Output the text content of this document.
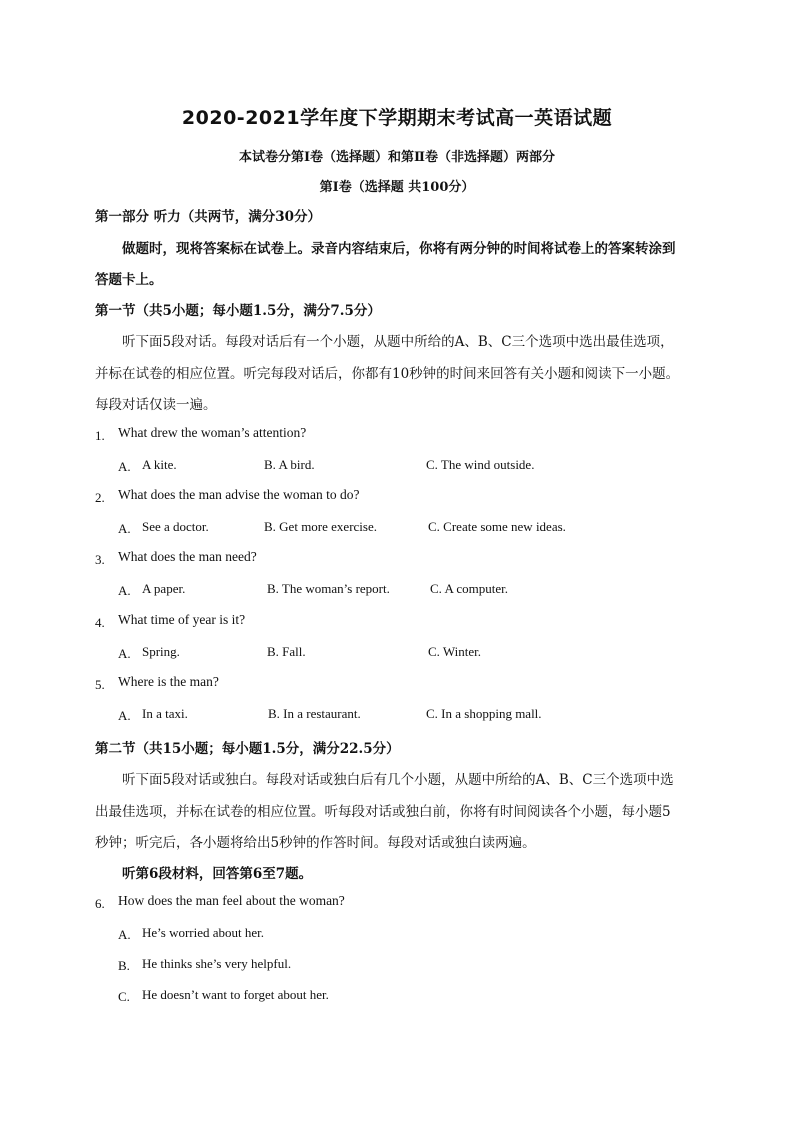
2020-2021学年度下学期期末考试高一英语试题
本试卷分第Ⅰ卷（选择题）和第Ⅱ卷（非选择题）两部分
第Ⅰ卷（选择题 共100分）
第一部分 听力（共两节，满分30分）
做题时，现将答案标在试卷上。录音内容结束后，你将有两分钟的时间将试卷上的答案转涂到
答题卡上。
第一节（共5小题；每小题1.5分，满分7.5分）
听下面5段对话。每段对话后有一个小题，从题中所给的A、B、C三个选项中选出最佳选项，
并标在试卷的相应位置。听完每段对话后，你都有10秒钟的时间来回答有关小题和阅读下一小题。
每段对话仅读一遍。
1. What drew the woman’s attention?
A. A kite.	B. A bird.	C. The wind outside.
2. What does the man advise the woman to do?
A. See a doctor.	B. Get more exercise.	C. Create some new ideas.
3. What does the man need?
A. A paper.	B. The woman’s report.	C. A computer.
4. What time of year is it?
A. Spring.	B. Fall.	C. Winter.
5. Where is the man?
A. In a taxi.	B. In a restaurant.	C. In a shopping mall.
第二节（共15小题；每小题1.5分，满分22.5分）
听下面5段对话或独白。每段对话或独白后有几个小题，从题中所给的A、B、C三个选项中选
出最佳选项，并标在试卷的相应位置。听每段对话或独白前，你将有时间阅读各个小题，每小题5
秒钟；听完后，各小题将给出5秒钟的作答时间。每段对话或独白读两遍。
听第6段材料，回答第6至7题。
6. How does the man feel about the woman?
A. He’s worried about her.
B. He thinks she’s very helpful.
C. He doesn’t want to forget about her.
